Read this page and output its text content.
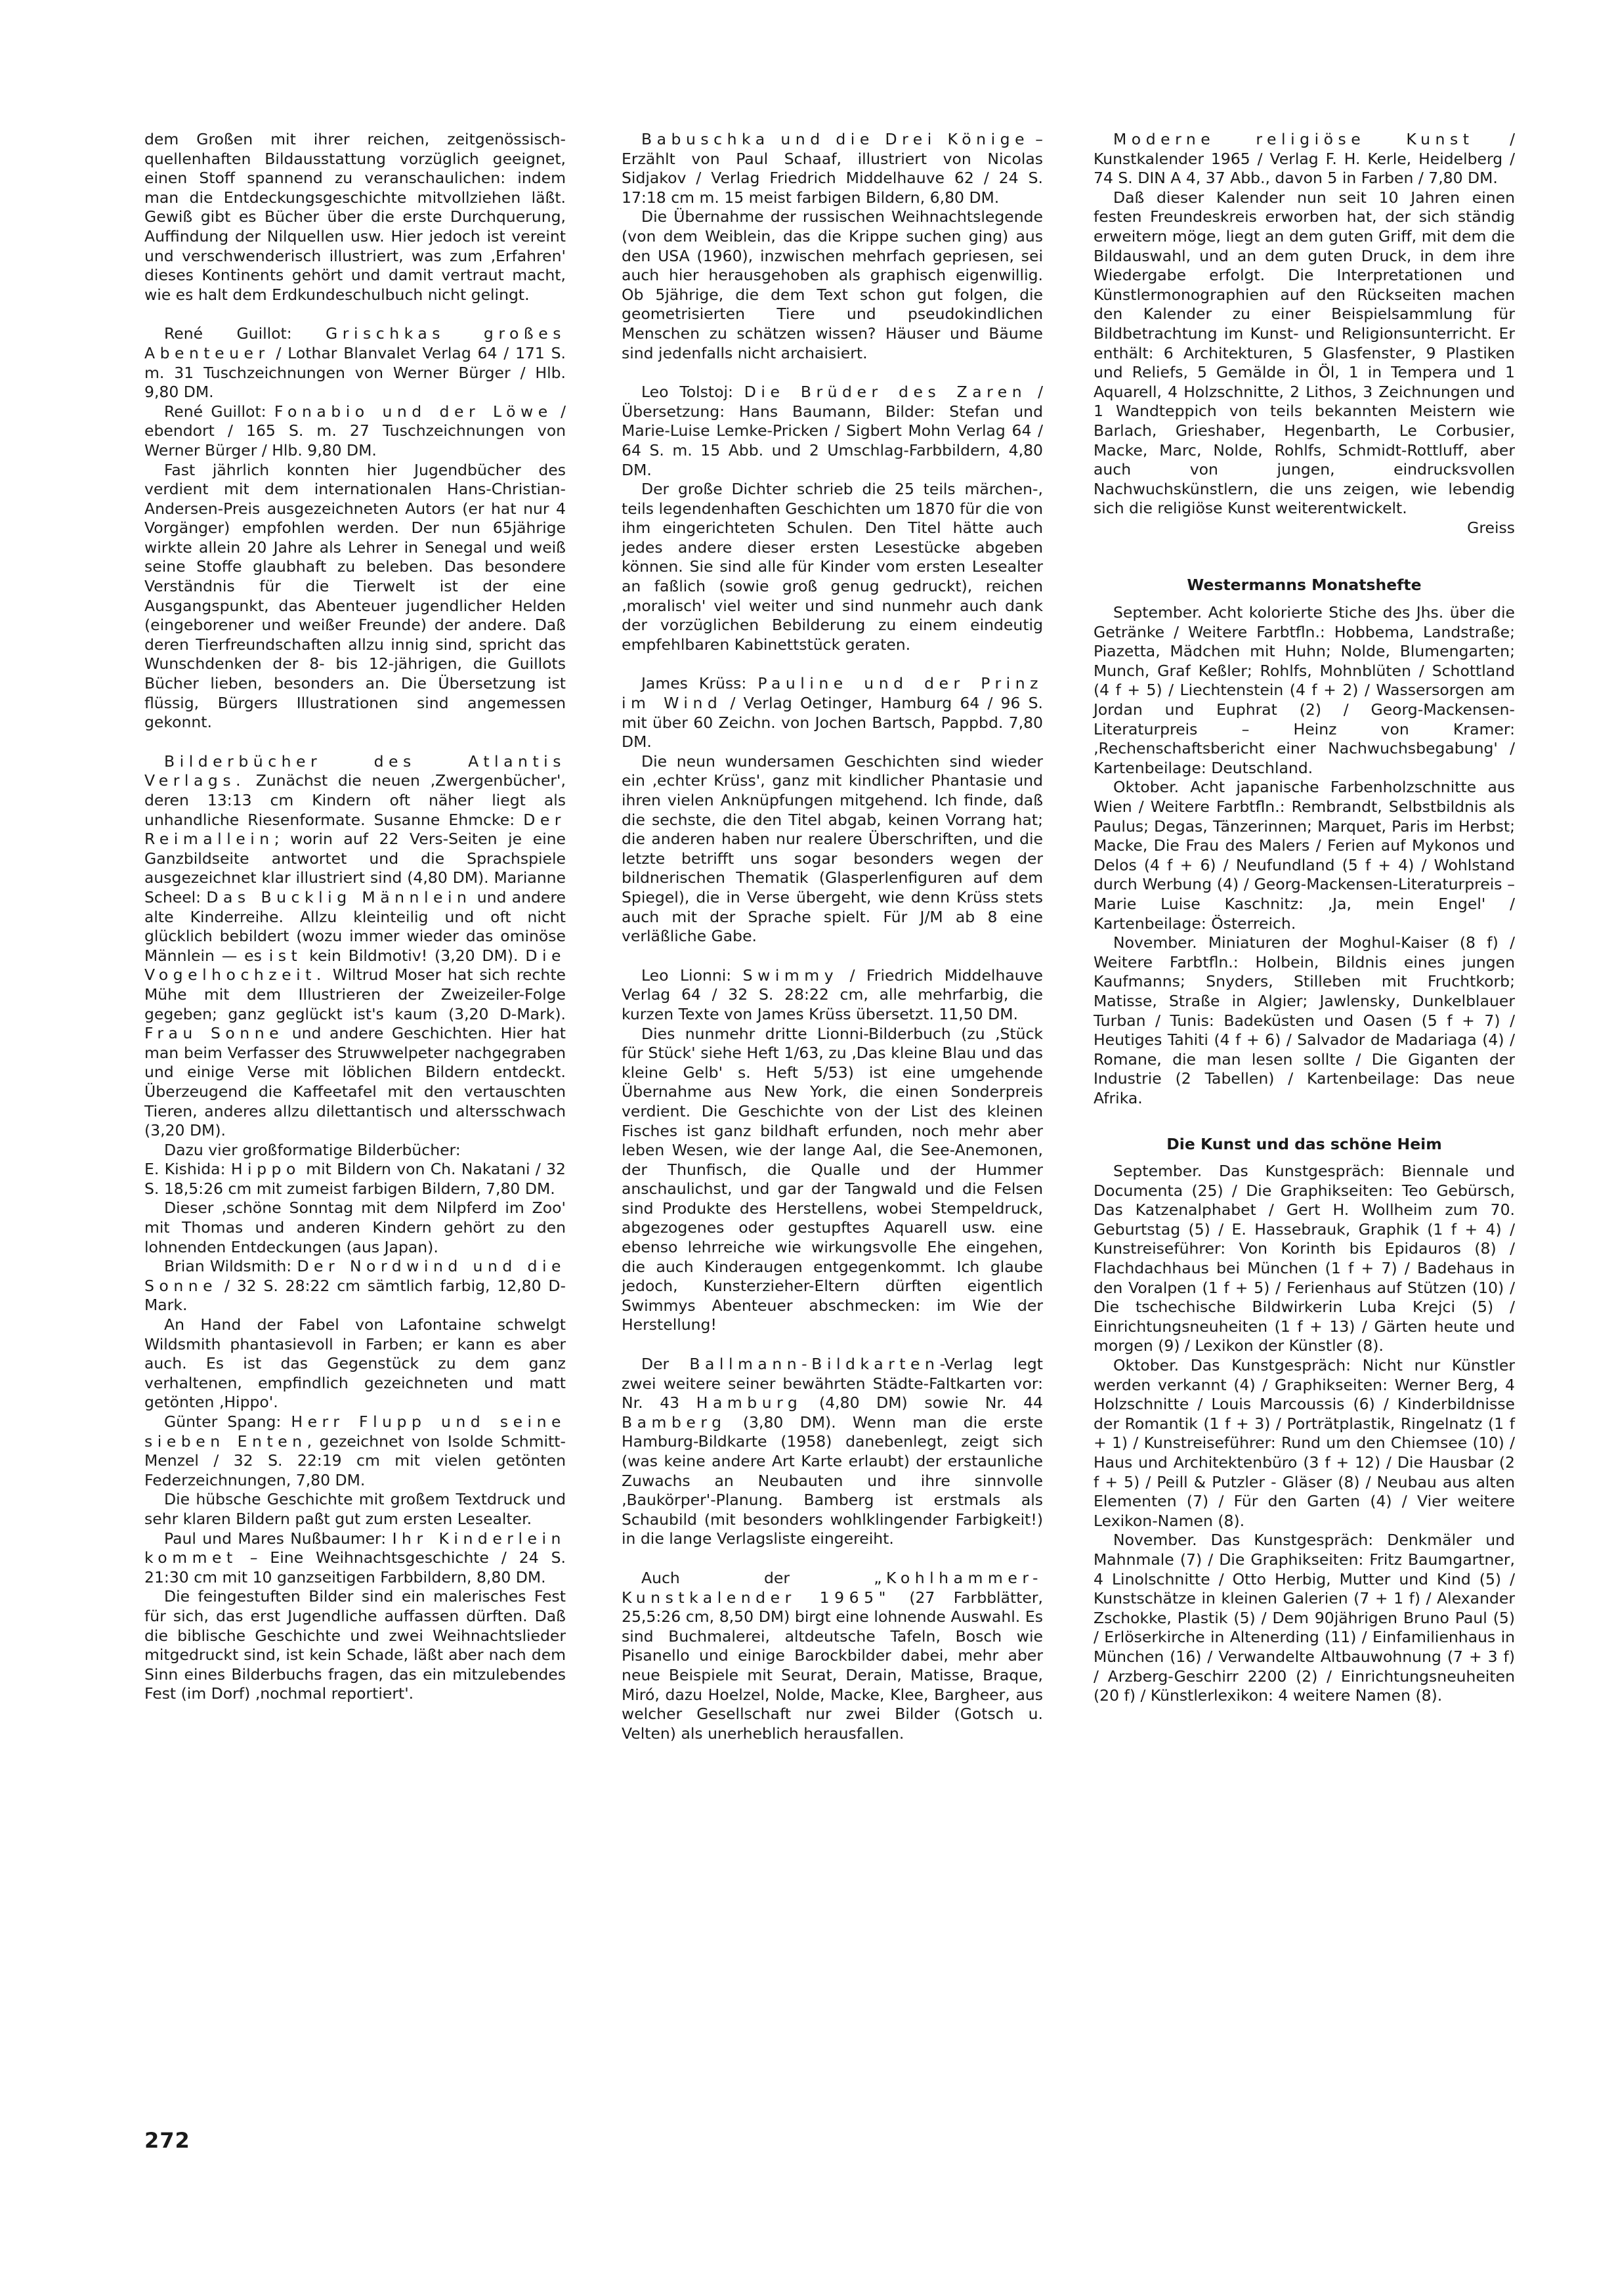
dem Großen mit ihrer reichen, zeitgenössisch-quellenhaften Bildausstattung vorzüglich geeignet, einen Stoff spannend zu veranschaulichen: indem man die Entdeckungsgeschichte mitvollziehen läßt. Gewiß gibt es Bücher über die erste Durchquerung, Auffindung der Nilquellen usw. Hier jedoch ist vereint und verschwenderisch illustriert, was zum ‚Erfahren' dieses Kontinents gehört und damit vertraut macht, wie es halt dem Erdkundeschulbuch nicht gelingt.

René Guillot: Grischkas großes Abenteuer / Lothar Blanvalet Verlag 64 / 171 S. m. 31 Tuschzeichnungen von Werner Bürger / Hlb. 9,80 DM.

René Guillot: Fonabio und der Löwe / ebendort / 165 S. m. 27 Tuschzeichnungen von Werner Bürger / Hlb. 9,80 DM.

Fast jährlich konnten hier Jugendbücher des verdient mit dem internationalen Hans-Christian-Andersen-Preis ausgezeichneten Autors (er hat nur 4 Vorgänger) empfohlen werden. Der nun 65jährige wirkte allein 20 Jahre als Lehrer in Senegal und weiß seine Stoffe glaubhaft zu beleben. Das besondere Verständnis für die Tierwelt ist der eine Ausgangspunkt, das Abenteuer jugendlicher Helden (eingeborener und weißer Freunde) der andere. Daß deren Tierfreundschaften allzu innig sind, spricht das Wunschdenken der 8- bis 12-jährigen, die Guillots Bücher lieben, besonders an. Die Übersetzung ist flüssig, Bürgers Illustrationen sind angemessen gekonnt.

Bilderbücher des Atlantis Verlags. Zunächst die neuen ‚Zwergenbücher', deren 13:13 cm Kindern oft näher liegt als unhandliche Riesenformate. Susanne Ehmcke: Der Reimallein; worin auf 22 Vers-Seiten je eine Ganzbildseite antwortet und die Sprachspiele ausgezeichnet klar illustriert sind (4,80 DM). Marianne Scheel: Das Bucklig Männlein und andere alte Kinderreihe. Allzu kleinteilig und oft nicht glücklich bebildert (wozu immer wieder das ominöse Männlein — es ist kein Bildmotiv! (3,20 DM). Die Vogelhochzeit. Wiltrud Moser hat sich rechte Mühe mit dem Illustrieren der Zweizeiler-Folge gegeben; ganz geglückt ist's kaum (3,20 D-Mark). Frau Sonne und andere Geschichten. Hier hat man beim Verfasser des Struwwelpeter nachgegraben und einige Verse mit löblichen Bildern entdeckt. Überzeugend die Kaffeetafel mit den vertauschten Tieren, anderes allzu dilettantisch und altersschwach (3,20 DM).

Dazu vier großformatige Bilderbücher:

E. Kishida: Hippo mit Bildern von Ch. Nakatani / 32 S. 18,5:26 cm mit zumeist farbigen Bildern, 7,80 DM.

Dieser ‚schöne Sonntag mit dem Nilpferd im Zoo' mit Thomas und anderen Kindern gehört zu den lohnenden Entdeckungen (aus Japan).

Brian Wildsmith: Der Nordwind und die Sonne / 32 S. 28:22 cm sämtlich farbig, 12,80 D-Mark.

An Hand der Fabel von Lafontaine schwelgt Wildsmith phantasievoll in Farben; er kann es aber auch. Es ist das Gegenstück zu dem ganz verhaltenen, empfindlich gezeichneten und matt getönten ‚Hippo'.

Günter Spang: Herr Flupp und seine sieben Enten, gezeichnet von Isolde Schmitt-Menzel / 32 S. 22:19 cm mit vielen getönten Federzeichnungen, 7,80 DM.

Die hübsche Geschichte mit großem Textdruck und sehr klaren Bildern paßt gut zum ersten Lesealter.

Paul und Mares Nußbaumer: Ihr Kinderlein kommet – Eine Weihnachtsgeschichte / 24 S. 21:30 cm mit 10 ganzseitigen Farbbildern, 8,80 DM.

Die feingestuften Bilder sind ein malerisches Fest für sich, das erst Jugendliche auffassen dürften. Daß die biblische Geschichte und zwei Weihnachtslieder mitgedruckt sind, ist kein Schade, läßt aber nach dem Sinn eines Bilderbuchs fragen, das ein mitzulebendes Fest (im Dorf) ‚nochmal reportiert'.

Babuschka und die Drei Könige – Erzählt von Paul Schaaf, illustriert von Nicolas Sidjakov / Verlag Friedrich Middelhauve 62 / 24 S. 17:18 cm m. 15 meist farbigen Bildern, 6,80 DM.

Die Übernahme der russischen Weihnachtslegende (von dem Weiblein, das die Krippe suchen ging) aus den USA (1960), inzwischen mehrfach gepriesen, sei auch hier herausgehoben als graphisch eigenwillig. Ob 5jährige, die dem Text schon gut folgen, die geometrisierten Tiere und pseudokindlichen Menschen zu schätzen wissen? Häuser und Bäume sind jedenfalls nicht archaisiert.

Leo Tolstoj: Die Brüder des Zaren / Übersetzung: Hans Baumann, Bilder: Stefan und Marie-Luise Lemke-Pricken / Sigbert Mohn Verlag 64 / 64 S. m. 15 Abb. und 2 Umschlag-Farbbildern, 4,80 DM.

Der große Dichter schrieb die 25 teils märchen-, teils legendenhaften Geschichten um 1870 für die von ihm eingerichteten Schulen. Den Titel hätte auch jedes andere dieser ersten Lesestücke abgeben können. Sie sind alle für Kinder vom ersten Lesealter an faßlich (sowie groß genug gedruckt), reichen ‚moralisch' viel weiter und sind nunmehr auch dank der vorzüglichen Bebilderung zu einem eindeutig empfehlbaren Kabinettstück geraten.

James Krüss: Pauline und der Prinz im Wind / Verlag Oetinger, Hamburg 64 / 96 S. mit über 60 Zeichn. von Jochen Bartsch, Pappbd. 7,80 DM.

Die neun wundersamen Geschichten sind wieder ein ‚echter Krüss', ganz mit kindlicher Phantasie und ihren vielen Anknüpfungen mitgehend. Ich finde, daß die sechste, die den Titel abgab, keinen Vorrang hat; die anderen haben nur realere Überschriften, und die letzte betrifft uns sogar besonders wegen der bildnerischen Thematik (Glasperlenfiguren auf dem Spiegel), die in Verse übergeht, wie denn Krüss stets auch mit der Sprache spielt. Für J/M ab 8 eine verläßliche Gabe.

Leo Lionni: Swimmy / Friedrich Middelhauve Verlag 64 / 32 S. 28:22 cm, alle mehrfarbig, die kurzen Texte von James Krüss übersetzt. 11,50 DM.

Dies nunmehr dritte Lionni-Bilderbuch (zu ‚Stück für Stück' siehe Heft 1/63, zu ‚Das kleine Blau und das kleine Gelb' s. Heft 5/53) ist eine umgehende Übernahme aus New York, die einen Sonderpreis verdient. Die Geschichte von der List des kleinen Fisches ist ganz bildhaft erfunden, noch mehr aber leben Wesen, wie der lange Aal, die See-Anemonen, der Thunfisch, die Qualle und der Hummer anschaulichst, und gar der Tangwald und die Felsen sind Produkte des Herstellens, wobei Stempeldruck, abgezogenes oder gestupftes Aquarell usw. eine ebenso lehrreiche wie wirkungsvolle Ehe eingehen, die auch Kinderaugen entgegenkommt. Ich glaube jedoch, Kunsterzieher-Eltern dürften eigentlich Swimmys Abenteuer abschmecken: im Wie der Herstellung!

Der Ballmann-Bildkarten-Verlag legt zwei weitere seiner bewährten Städte-Faltkarten vor: Nr. 43 Hamburg (4,80 DM) sowie Nr. 44 Bamberg (3,80 DM). Wenn man die erste Hamburg-Bildkarte (1958) danebenlegt, zeigt sich (was keine andere Art Karte erlaubt) der erstaunliche Zuwachs an Neubauten und ihre sinnvolle ‚Baukörper'-Planung. Bamberg ist erstmals als Schaubild (mit besonders wohlklingender Farbigkeit!) in die lange Verlagsliste eingereiht.

Auch der „Kohlhammer-Kunstkalender 1965" (27 Farbblätter, 25,5:26 cm, 8,50 DM) birgt eine lohnende Auswahl. Es sind Buchmalerei, altdeutsche Tafeln, Bosch wie Pisanello und einige Barockbilder dabei, mehr aber neue Beispiele mit Seurat, Derain, Matisse, Braque, Miró, dazu Hoelzel, Nolde, Macke, Klee, Bargheer, aus welcher Gesellschaft nur zwei Bilder (Gotsch u. Velten) als unerheblich herausfallen.

Moderne religiöse Kunst / Kunstkalender 1965 / Verlag F. H. Kerle, Heidelberg / 74 S. DIN A 4, 37 Abb., davon 5 in Farben / 7,80 DM.

Daß dieser Kalender nun seit 10 Jahren einen festen Freundeskreis erworben hat, der sich ständig erweitern möge, liegt an dem guten Griff, mit dem die Bildauswahl, und an dem guten Druck, in dem ihre Wiedergabe erfolgt. Die Interpretationen und Künstlermonographien auf den Rückseiten machen den Kalender zu einer Beispielsammlung für Bildbetrachtung im Kunst- und Religionsunterricht. Er enthält: 6 Architekturen, 5 Glasfenster, 9 Plastiken und Reliefs, 5 Gemälde in Öl, 1 in Tempera und 1 Aquarell, 4 Holzschnitte, 2 Lithos, 3 Zeichnungen und 1 Wandteppich von teils bekannten Meistern wie Barlach, Grieshaber, Hegenbarth, Le Corbusier, Macke, Marc, Nolde, Rohlfs, Schmidt-Rottluff, aber auch von jungen, eindrucksvollen Nachwuchskünstlern, die uns zeigen, wie lebendig sich die religiöse Kunst weiterentwickelt.

Greiss

Westermanns Monatshefte

September. Acht kolorierte Stiche des Jhs. über die Getränke / Weitere Farbtfln.: Hobbema, Landstraße; Piazetta, Mädchen mit Huhn; Nolde, Blumengarten; Munch, Graf Keßler; Rohlfs, Mohnblüten / Schottland (4 f + 5) / Liechtenstein (4 f + 2) / Wassersorgen am Jordan und Euphrat (2) / Georg-Mackensen-Literaturpreis – Heinz von Kramer: ‚Rechenschaftsbericht einer Nachwuchsbegabung' / Kartenbeilage: Deutschland.

Oktober. Acht japanische Farbenholzschnitte aus Wien / Weitere Farbtfln.: Rembrandt, Selbstbildnis als Paulus; Degas, Tänzerinnen; Marquet, Paris im Herbst; Macke, Die Frau des Malers / Ferien auf Mykonos und Delos (4 f + 6) / Neufundland (5 f + 4) / Wohlstand durch Werbung (4) / Georg-Mackensen-Literaturpreis – Marie Luise Kaschnitz: ‚Ja, mein Engel' / Kartenbeilage: Österreich.

November. Miniaturen der Moghul-Kaiser (8 f) / Weitere Farbtfln.: Holbein, Bildnis eines jungen Kaufmanns; Snyders, Stilleben mit Fruchtkorb; Matisse, Straße in Algier; Jawlensky, Dunkelblauer Turban / Tunis: Badeküsten und Oasen (5 f + 7) / Heutiges Tahiti (4 f + 6) / Salvador de Madariaga (4) / Romane, die man lesen sollte / Die Giganten der Industrie (2 Tabellen) / Kartenbeilage: Das neue Afrika.

Die Kunst und das schöne Heim

September. Das Kunstgespräch: Biennale und Documenta (25) / Die Graphikseiten: Teo Gebürsch, Das Katzenalphabet / Gert H. Wollheim zum 70. Geburtstag (5) / E. Hassebrauk, Graphik (1 f + 4) / Kunstreiseführer: Von Korinth bis Epidauros (8) / Flachdachhaus bei München (1 f + 7) / Badehaus in den Voralpen (1 f + 5) / Ferienhaus auf Stützen (10) / Die tschechische Bildwirkerin Luba Krejci (5) / Einrichtungsneuheiten (1 f + 13) / Gärten heute und morgen (9) / Lexikon der Künstler (8).

Oktober. Das Kunstgespräch: Nicht nur Künstler werden verkannt (4) / Graphikseiten: Werner Berg, 4 Holzschnitte / Louis Marcoussis (6) / Kinderbildnisse der Romantik (1 f + 3) / Porträtplastik, Ringelnatz (1 f + 1) / Kunstreiseführer: Rund um den Chiemsee (10) / Haus und Architektenbüro (3 f + 12) / Die Hausbar (2 f + 5) / Peill & Putzler - Gläser (8) / Neubau aus alten Elementen (7) / Für den Garten (4) / Vier weitere Lexikon-Namen (8).

November. Das Kunstgespräch: Denkmäler und Mahnmale (7) / Die Graphikseiten: Fritz Baumgartner, 4 Linolschnitte / Otto Herbig, Mutter und Kind (5) / Kunstschätze in kleinen Galerien (7 + 1 f) / Alexander Zschokke, Plastik (5) / Dem 90jährigen Bruno Paul (5) / Erlöserkirche in Altenerding (11) / Einfamilienhaus in München (16) / Verwandelte Altbauwohnung (7 + 3 f) / Arzberg-Geschirr 2200 (2) / Einrichtungsneuheiten (20 f) / Künstlerlexikon: 4 weitere Namen (8).

272
